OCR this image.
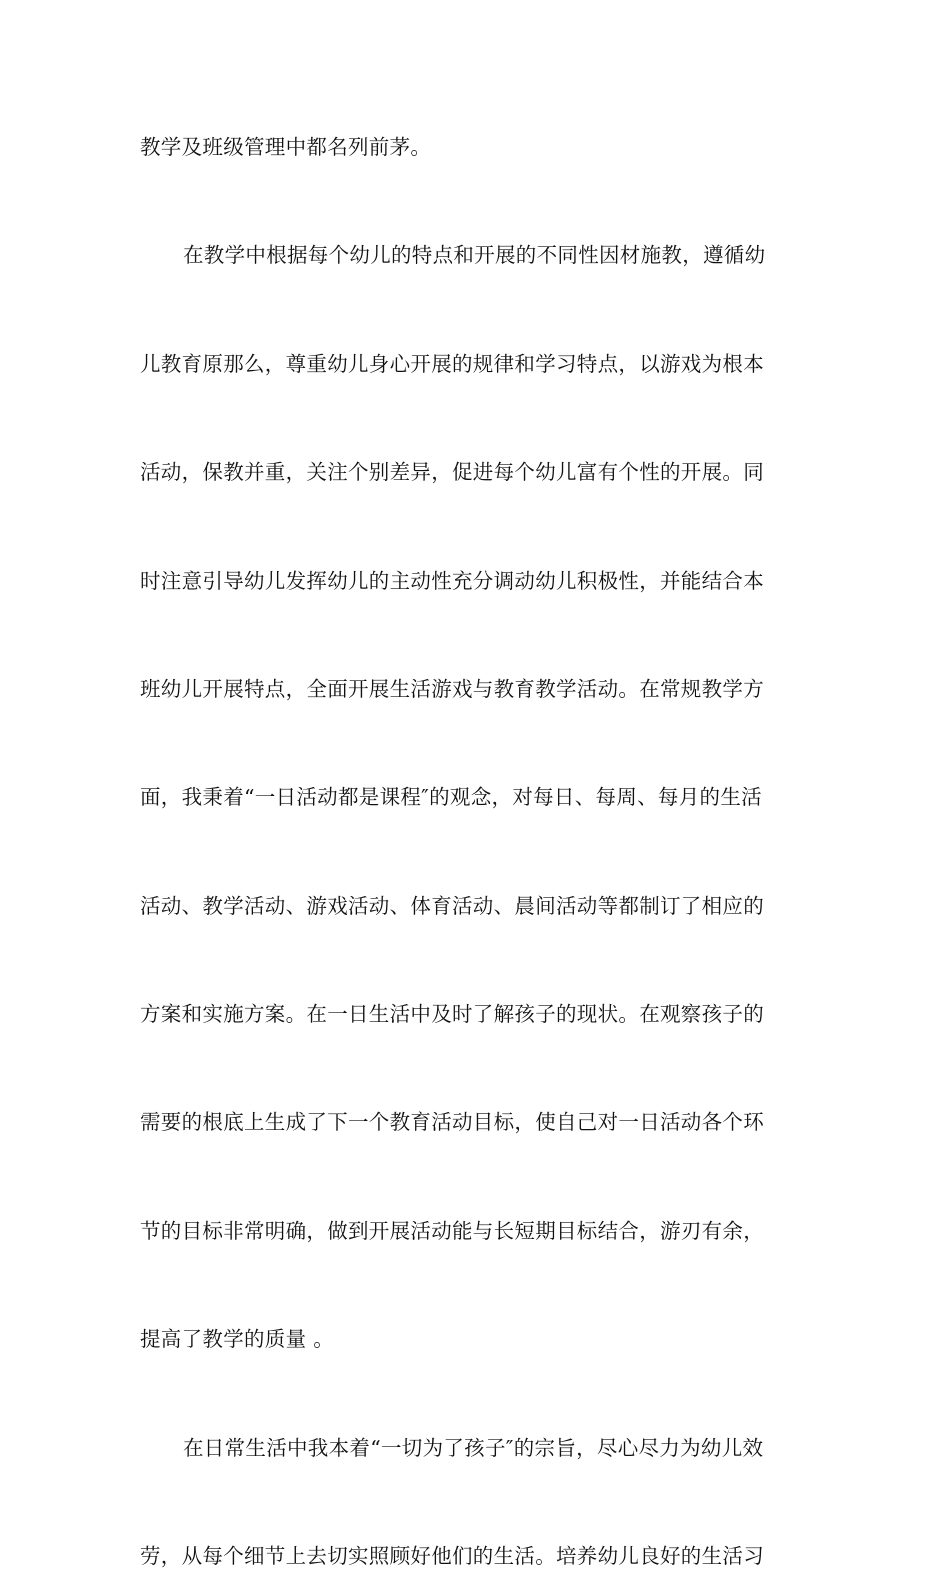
教学及班级管理中都名列前茅。
在教学中根据每个幼儿的特点和开展的不同性因材施教，遵循幼
儿教育原那么，尊重幼儿身心开展的规律和学习特点，以游戏为根本
活动，保教并重，关注个别差异，促进每个幼儿富有个性的开展。同
时注意引导幼儿发挥幼儿的主动性充分调动幼儿积极性，并能结合本
班幼儿开展特点，全面开展生活游戏与教育教学活动。在常规教学方
面，我秉着“一日活动都是课程″的观念，对每日、每周、每月的生活
活动、教学活动、游戏活动、体育活动、晨间活动等都制订了相应的
方案和实施方案。在一日生活中及时了解孩子的现状。在观察孩子的
需要的根底上生成了下一个教育活动目标，使自己对一日活动各个环
节的目标非常明确，做到开展活动能与长短期目标结合，游刃有余，
提高了教学的质量 。
在日常生活中我本着“一切为了孩子″的宗旨，尽心尽力为幼儿效
劳，从每个细节上去切实照顾好他们的生活。培养幼儿良好的生活习
